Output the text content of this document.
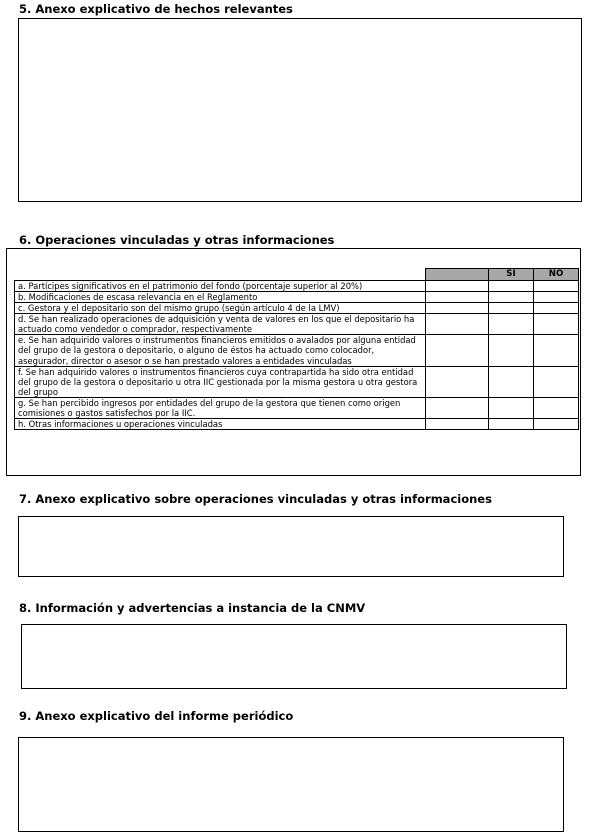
5. Anexo explicativo de hechos relevantes
6. Operaciones vinculadas y otras informaciones
		SI	NO
a. Partícipes significativos en el patrimonio del fondo (porcentaje superior al 20%)			
b. Modificaciones de escasa relevancia en el Reglamento			
c. Gestora y el depositario son del mismo grupo (según artículo 4 de la LMV)			
d. Se han realizado operaciones de adquisición y venta de valores en los que el depositario ha actuado como vendedor o comprador, respectivamente			
e. Se han adquirido valores o instrumentos financieros emitidos o avalados por alguna entidad del grupo de la gestora o depositario, o alguno de éstos ha actuado como colocador, asegurador, director o asesor o se han prestado valores a entidades vinculadas			
f. Se han adquirido valores o instrumentos financieros cuya contrapartida ha sido otra entidad del grupo de la gestora o depositario u otra IIC gestionada por la misma gestora u otra gestora del grupo			
g. Se han percibido ingresos por entidades del grupo de la gestora que tienen como origen comisiones o gastos satisfechos por la IIC.			
h. Otras informaciones u operaciones vinculadas			
7. Anexo explicativo sobre operaciones vinculadas y otras informaciones
8. Información y advertencias a instancia de la CNMV
9. Anexo explicativo del informe periódico
